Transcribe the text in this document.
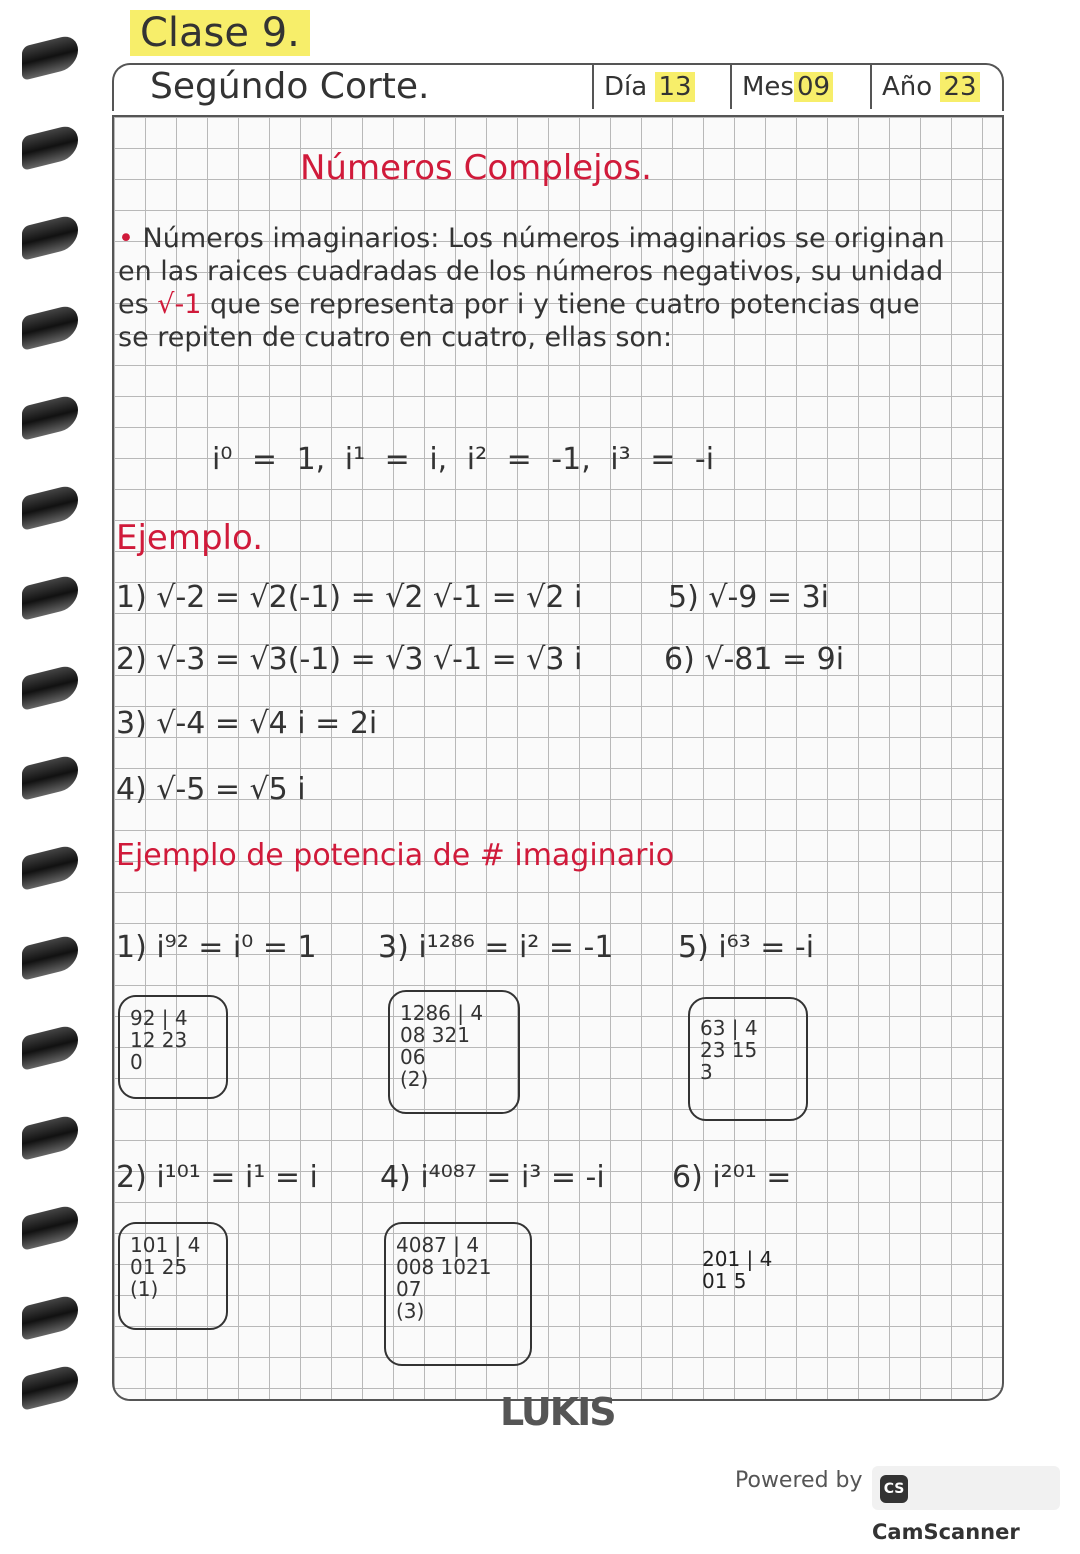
Clase 9.
Segúndo Corte.	Día 13	Mes 09	Año 23
Números Complejos.
• Números imaginarios: Los números imaginarios se originan en las raices cuadradas de los números negativos, su unidad es √-1 que se representa por i y tiene cuatro potencias que se repiten de cuatro en cuatro, ellas son:
i⁰ = 1, i¹ = i, i² = -1, i³ = -i
Ejemplo.
1) √-2 = √2(-1) = √2 √-1 = √2 i
2) √-3 = √3(-1) = √3 √-1 = √3 i
3) √-4 = √4 i = 2i
4) √-5 = √5 i
5) √-9 = 3i
6) √-81 = 9i
Ejemplo de potencia de # imaginario
1) i⁹² = i⁰ = 1
92 | 4
12 23
0
2) i¹⁰¹ = i¹ = i
101 | 4
01 25
(1)
3) i¹²⁸⁶ = i² = -1
1286 | 4
08 321
06
(2)
4) i⁴⁰⁸⁷ = i³ = -i
4087 | 4
008 1021
07
(3)
5) i⁶³ = -i
63 | 4
23 15
3
6) i²⁰¹ =
201 | 4
01 5
LUKIS
Powered by	CSCamScanner
